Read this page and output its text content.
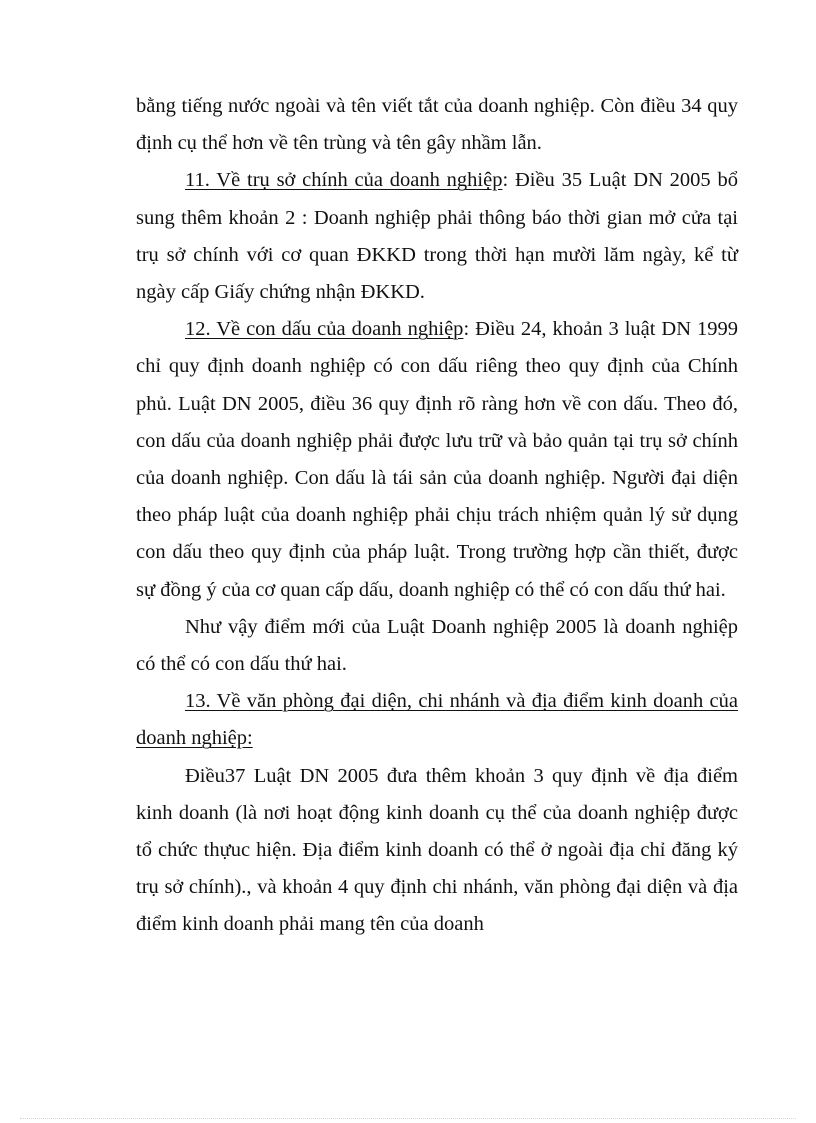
bằng tiếng nước ngoài và tên viết tắt của doanh nghiệp. Còn điều 34 quy định cụ thể hơn về tên trùng và tên gây nhầm lẫn.

11. Về trụ sở chính của doanh nghiệp: Điều 35 Luật DN 2005 bổ sung thêm khoản 2 : Doanh nghiệp phải thông báo thời gian mở cửa tại trụ sở chính với cơ quan ĐKKD trong thời hạn mười lăm ngày, kể từ ngày cấp Giấy chứng nhận ĐKKD.

12. Về con dấu của doanh nghiệp: Điều 24, khoản 3 luật DN 1999 chỉ quy định doanh nghiệp có con dấu riêng theo quy định của Chính phủ. Luật DN 2005, điều 36 quy định rõ ràng hơn về con dấu. Theo đó, con dấu của doanh nghiệp phải được lưu trữ và bảo quản tại trụ sở chính của doanh nghiệp. Con dấu là tái sản của doanh nghiệp. Người đại diện theo pháp luật của doanh nghiệp phải chịu trách nhiệm quản lý sử dụng con dấu theo quy định của pháp luật. Trong trường hợp cần thiết, được sự đồng ý của cơ quan cấp dấu, doanh nghiệp có thể có con dấu thứ hai.

Như vậy điểm mới của Luật Doanh nghiệp 2005 là doanh nghiệp có thể có con dấu thứ hai.

13. Về văn phòng đại diện, chi nhánh và địa điểm kinh doanh của doanh nghiệp:

Điều37 Luật DN 2005 đưa thêm khoản 3 quy định về địa điểm kinh doanh (là nơi hoạt động kinh doanh cụ thể của doanh nghiệp được tổ chức thựuc hiện. Địa điểm kinh doanh có thể ở ngoài địa chỉ đăng ký trụ sở chính)., và khoản 4 quy định chi nhánh, văn phòng đại diện và địa điểm kinh doanh phải mang tên của doanh
